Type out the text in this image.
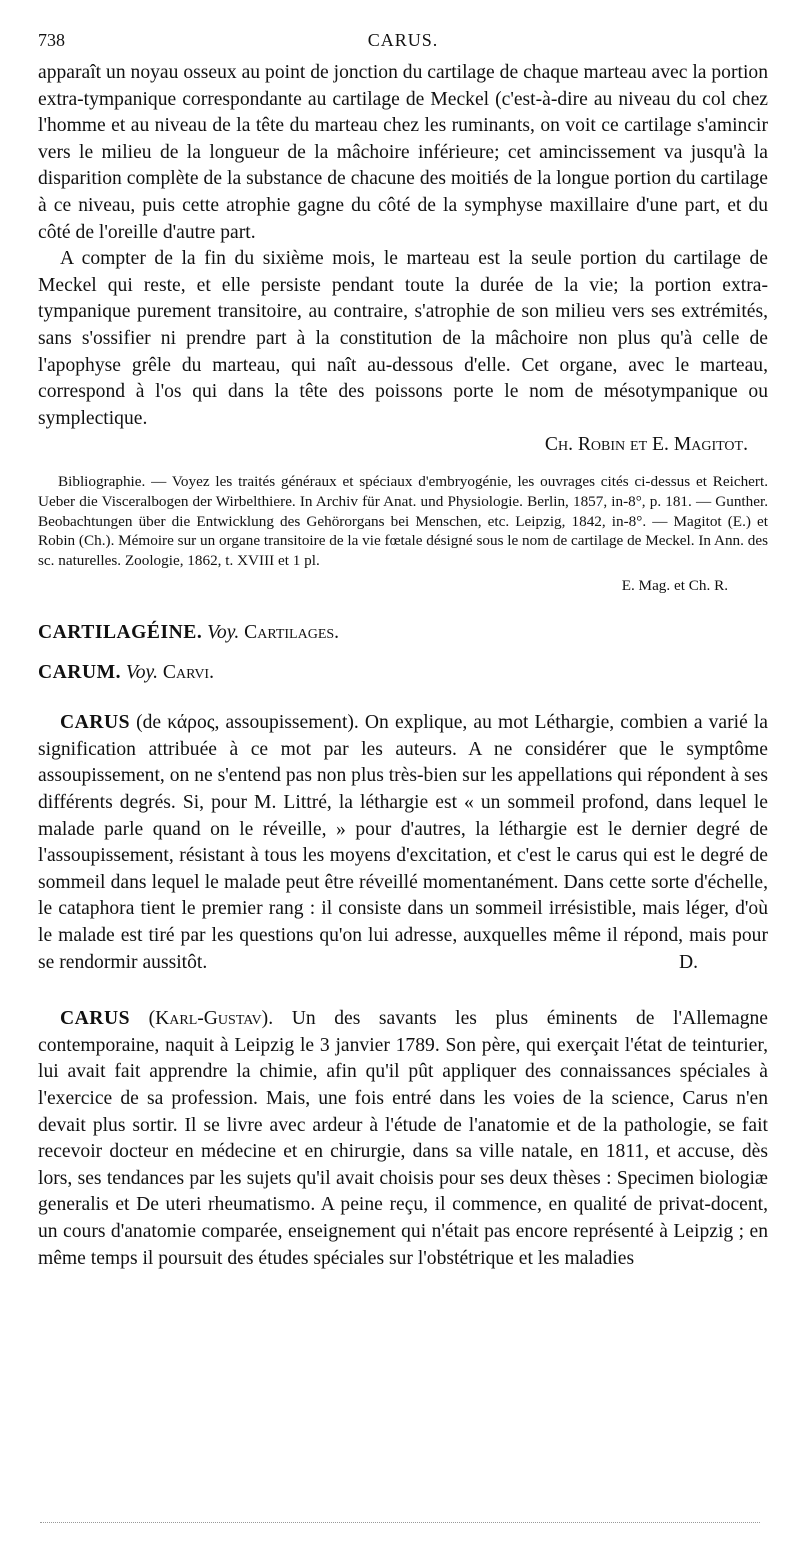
738	CARUS.

apparaît un noyau osseux au point de jonction du cartilage de chaque marteau avec la portion extra-tympanique correspondante au cartilage de Meckel (c'est-à-dire au niveau du col chez l'homme et au niveau de la tête du marteau chez les ruminants, on voit ce cartilage s'amincir vers le milieu de la longueur de la mâchoire inférieure; cet amincissement va jusqu'à la disparition complète de la substance de chacune des moitiés de la longue portion du cartilage à ce niveau, puis cette atrophie gagne du côté de la symphyse maxillaire d'une part, et du côté de l'oreille d'autre part.

A compter de la fin du sixième mois, le marteau est la seule portion du cartilage de Meckel qui reste, et elle persiste pendant toute la durée de la vie; la portion extra-tympanique purement transitoire, au contraire, s'atrophie de son milieu vers ses extrémités, sans s'ossifier ni prendre part à la constitution de la mâchoire non plus qu'à celle de l'apophyse grêle du marteau, qui naît au-dessous d'elle. Cet organe, avec le marteau, correspond à l'os qui dans la tête des poissons porte le nom de mésotympanique ou symplectique.

Ch. Robin et E. Magitot.

Bibliographie. — Voyez les traités généraux et spéciaux d'embryogénie, les ouvrages cités ci-dessus et Reichert. Ueber die Visceralbogen der Wirbelthiere. In Archiv für Anat. und Physiologie. Berlin, 1857, in-8°, p. 181. — Gunther. Beobachtungen über die Entwicklung des Gehörorgans bei Menschen, etc. Leipzig, 1842, in-8°. — Magitot (E.) et Robin (Ch.). Mémoire sur un organe transitoire de la vie fœtale désigné sous le nom de cartilage de Meckel. In Ann. des sc. naturelles. Zoologie, 1862, t. XVIII et 1 pl.

E. Mag. et Ch. R.

CARTILAGÉINE. Voy. Cartilages.

CARUM. Voy. Carvi.

CARUS (de κάρος, assoupissement). On explique, au mot Léthargie, combien a varié la signification attribuée à ce mot par les auteurs. A ne considérer que le symptôme assoupissement, on ne s'entend pas non plus très-bien sur les appellations qui répondent à ses différents degrés. Si, pour M. Littré, la léthargie est « un sommeil profond, dans lequel le malade parle quand on le réveille, » pour d'autres, la léthargie est le dernier degré de l'assoupissement, résistant à tous les moyens d'excitation, et c'est le carus qui est le degré de sommeil dans lequel le malade peut être réveillé momentanément. Dans cette sorte d'échelle, le cataphora tient le premier rang : il consiste dans un sommeil irrésistible, mais léger, d'où le malade est tiré par les questions qu'on lui adresse, auxquelles même il répond, mais pour se rendormir aussitôt.	D.

CARUS (Karl-Gustav). Un des savants les plus éminents de l'Allemagne contemporaine, naquit à Leipzig le 3 janvier 1789. Son père, qui exerçait l'état de teinturier, lui avait fait apprendre la chimie, afin qu'il pût appliquer des connaissances spéciales à l'exercice de sa profession. Mais, une fois entré dans les voies de la science, Carus n'en devait plus sortir. Il se livre avec ardeur à l'étude de l'anatomie et de la pathologie, se fait recevoir docteur en médecine et en chirurgie, dans sa ville natale, en 1811, et accuse, dès lors, ses tendances par les sujets qu'il avait choisis pour ses deux thèses : Specimen biologiæ generalis et De uteri rheumatismo. A peine reçu, il commence, en qualité de privat-docent, un cours d'anatomie comparée, enseignement qui n'était pas encore représenté à Leipzig ; en même temps il poursuit des études spéciales sur l'obstétrique et les maladies
